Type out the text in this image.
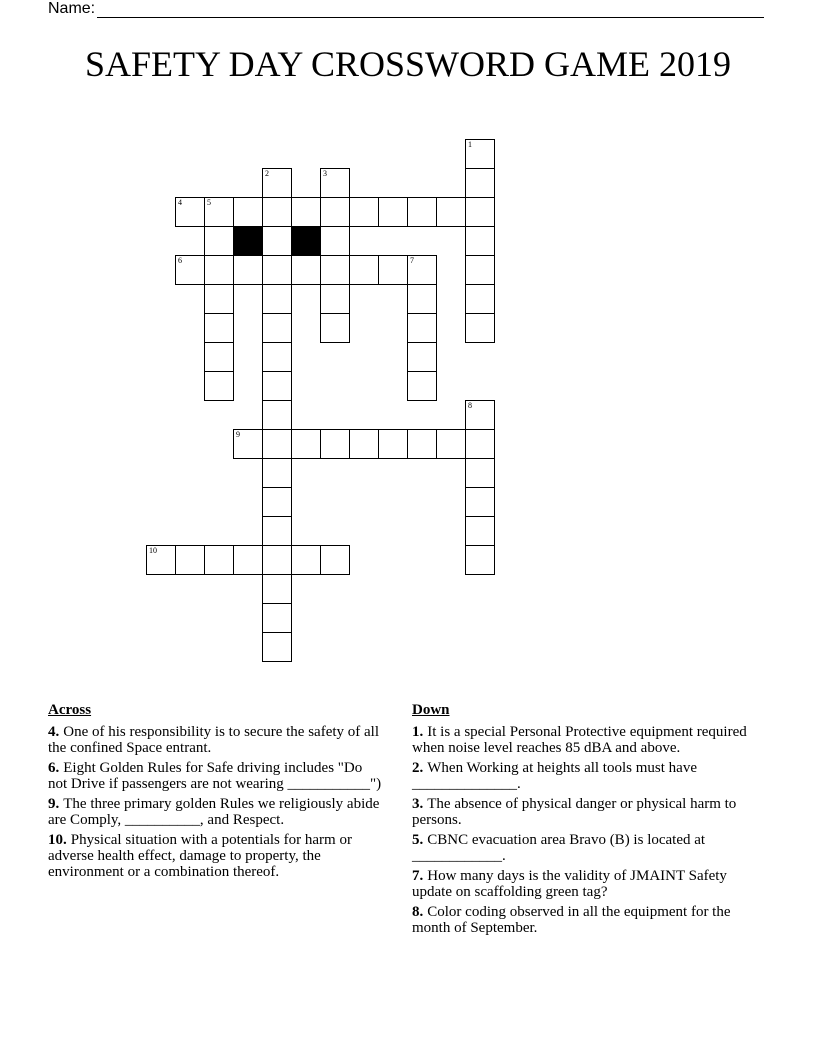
Name:
SAFETY DAY CROSSWORD GAME 2019
1
2	3
4	5
6	7
8
9
10
Across
4. One of his responsibility is to secure the safety of all the confined Space entrant.
6. Eight Golden Rules for Safe driving includes "Do not Drive if passengers are not wearing ___________")
9. The three primary golden Rules we religiously abide are Comply, __________, and Respect.
10. Physical situation with a potentials for harm or adverse health effect, damage to property, the environment or a combination thereof.
Down
1. It is a special Personal Protective equipment required when noise level reaches 85 dBA and above.
2. When Working at heights all tools must have ______________.
3. The absence of physical danger or physical harm to persons.
5. CBNC evacuation area Bravo (B) is located at ____________.
7. How many days is the validity of JMAINT Safety update on scaffolding green tag?
8. Color coding observed in all the equipment for the month of September.
